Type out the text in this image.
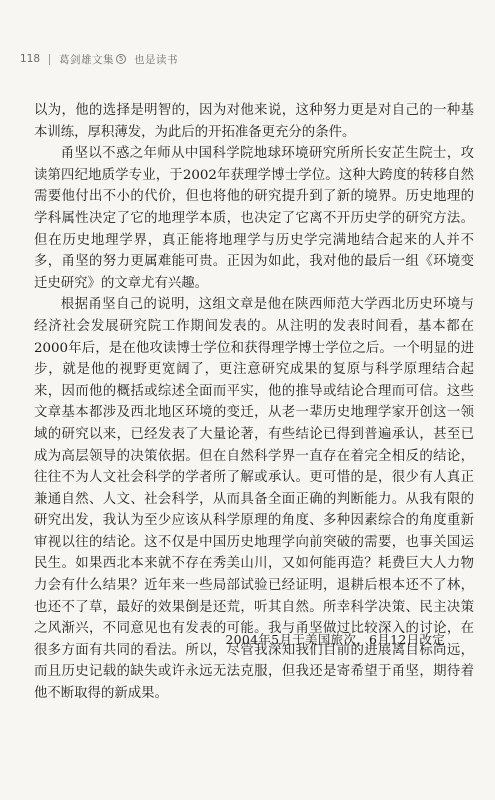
118 葛剑雄文集 5 也是读书

以为，他的选择是明智的，因为对他来说，这种努力更是对自己的一种基本训练，厚积薄发，为此后的开拓准备更充分的条件。

甬坚以不惑之年师从中国科学院地球环境研究所所长安芷生院士，攻读第四纪地质学专业，于2002年获理学博士学位。这种大跨度的转移自然需要他付出不小的代价，但也将他的研究提升到了新的境界。历史地理的学科属性决定了它的地理学本质，也决定了它离不开历史学的研究方法。但在历史地理学界，真正能将地理学与历史学完满地结合起来的人并不多，甬坚的努力更属难能可贵。正因为如此，我对他的最后一组《环境变迁史研究》的文章尤有兴趣。

根据甬坚自己的说明，这组文章是他在陕西师范大学西北历史环境与经济社会发展研究院工作期间发表的。从注明的发表时间看，基本都在2000年后，是在他攻读博士学位和获得理学博士学位之后。一个明显的进步，就是他的视野更宽阔了，更注意研究成果的复原与科学原理结合起来，因而他的概括或综述全面而平实，他的推导或结论合理而可信。这些文章基本都涉及西北地区环境的变迁，从老一辈历史地理学家开创这一领域的研究以来，已经发表了大量论著，有些结论已得到普遍承认，甚至已成为高层领导的决策依据。但在自然科学界一直存在着完全相反的结论，往往不为人文社会科学的学者所了解或承认。更可惜的是，很少有人真正兼通自然、人文、社会科学，从而具备全面正确的判断能力。从我有限的研究出发，我认为至少应该从科学原理的角度、多种因素综合的角度重新审视以往的结论。这不仅是中国历史地理学向前突破的需要，也事关国运民生。如果西北本来就不存在秀美山川，又如何能再造？耗费巨大人力物力会有什么结果？近年来一些局部试验已经证明，退耕后根本还不了林，也还不了草，最好的效果倒是还荒，听其自然。所幸科学决策、民主决策之风渐兴，不同意见也有发表的可能。我与甬坚做过比较深入的讨论，在很多方面有共同的看法。所以，尽管我深知我们目前的进展离目标尚远，而且历史记载的缺失或许永远无法克服，但我还是寄希望于甬坚，期待着他不断取得的新成果。

2004年5月于美国旅次，6月12日改定
